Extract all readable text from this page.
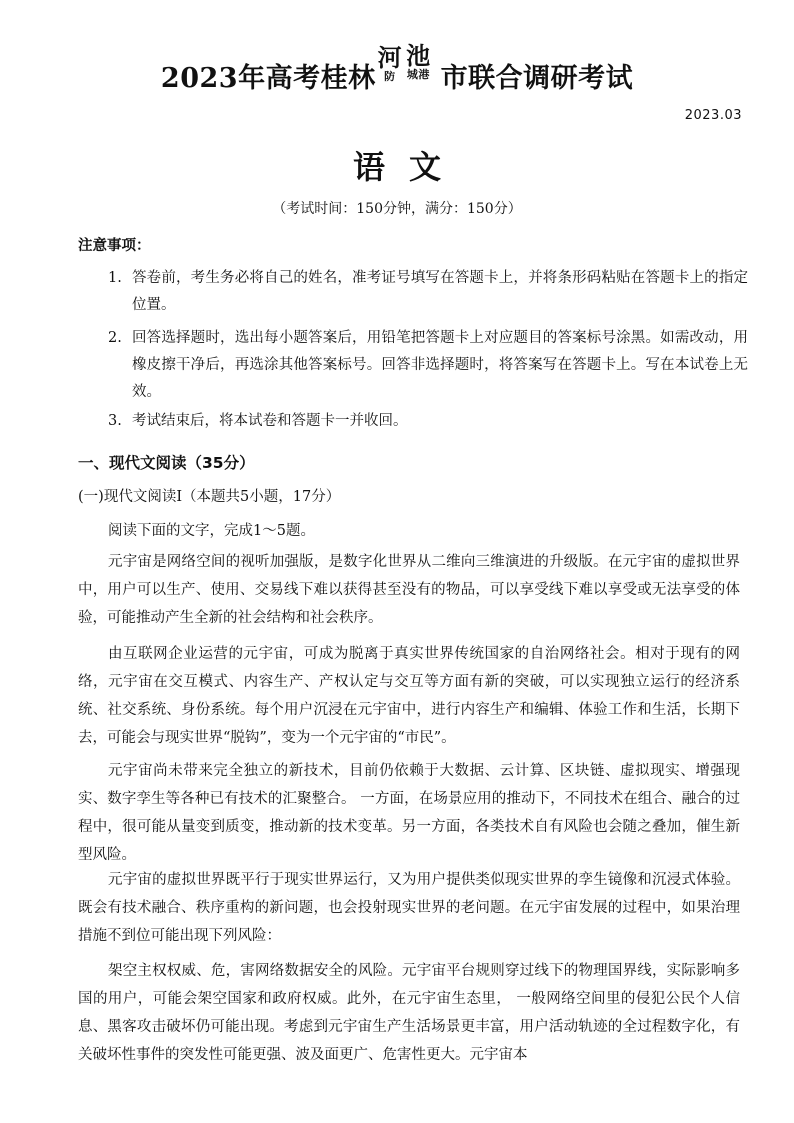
2023年高考桂林
河
防
池
城港 市联合调研考试
2023.03
语文
（考试时间：150分钟，满分：150分）
注意事项：
1. 答卷前，考生务必将自己的姓名，准考证号填写在答题卡上，并将条形码粘贴在答题卡上的指定位置。
2. 回答选择题时，选出每小题答案后，用铅笔把答题卡上对应题目的答案标号涂黑。如需改动，用橡皮擦干净后，再选涂其他答案标号。回答非选择题时，将答案写在答题卡上。写在本试卷上无效。
3. 考试结束后，将本试卷和答题卡一并收回。
一、现代文阅读（35分）
(一)现代文阅读Ⅰ（本题共5小题，17分）
阅读下面的文字，完成1～5题。

元宇宙是网络空间的视听加强版，是数字化世界从二维向三维演进的升级版。在元宇宙的虚拟世界中，用户可以生产、使用、交易线下难以获得甚至没有的物品，可以享受线下难以享受或无法享受的体验，可能推动产生全新的社会结构和社会秩序。

由互联网企业运营的元宇宙，可成为脱离于真实世界传统国家的自治网络社会。相对于现有的网络，元宇宙在交互模式、内容生产、产权认定与交互等方面有新的突破，可以实现独立运行的经济系统、社交系统、身份系统。每个用户沉浸在元宇宙中，进行内容生产和编辑、体验工作和生活，长期下去，可能会与现实世界“脱钩”，变为一个元宇宙的“市民”。

元宇宙尚未带来完全独立的新技术，目前仍依赖于大数据、云计算、区块链、虚拟现实、增强现实、数字孪生等各种已有技术的汇聚整合。 一方面，在场景应用的推动下，不同技术在组合、融合的过程中，很可能从量变到质变，推动新的技术变革。另一方面，各类技术自有风险也会随之叠加，催生新型风险。

元宇宙的虚拟世界既平行于现实世界运行，又为用户提供类似现实世界的孪生镜像和沉浸式体验。既会有技术融合、秩序重构的新问题，也会投射现实世界的老问题。在元宇宙发展的过程中，如果治理措施不到位可能出现下列风险：

架空主权权威、危，害网络数据安全的风险。元宇宙平台规则穿过线下的物理国界线，实际影响多国的用户，可能会架空国家和政府权威。此外，在元宇宙生态里， 一般网络空间里的侵犯公民个人信息、黑客攻击破坏仍可能出现。考虑到元宇宙生产生活场景更丰富，用户活动轨迹的全过程数字化，有关破坏性事件的突发性可能更强、波及面更广、危害性更大。元宇宙本
